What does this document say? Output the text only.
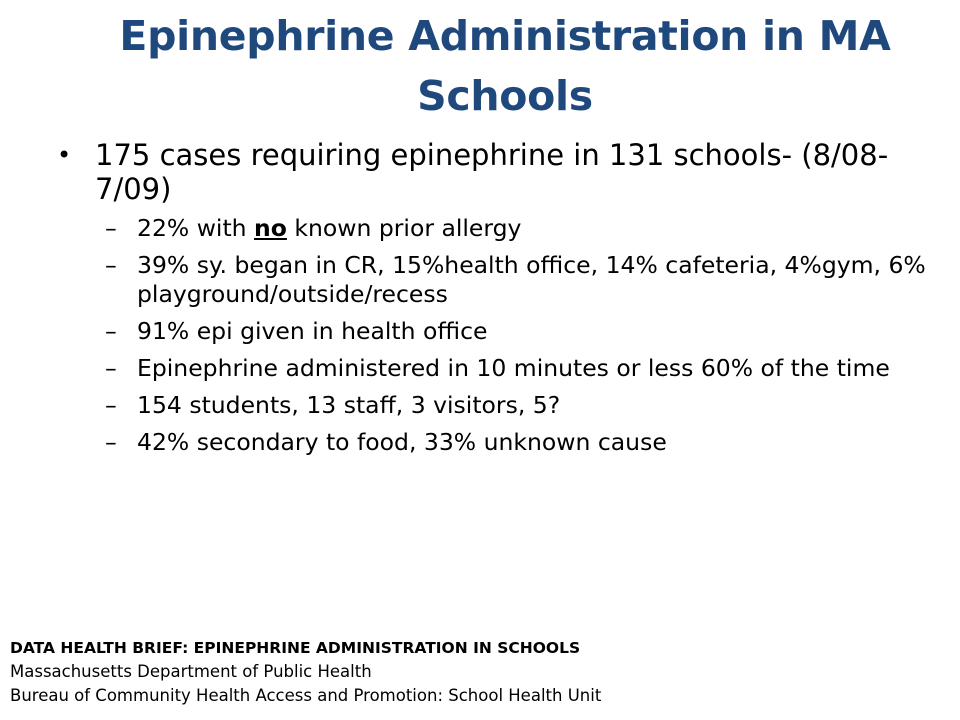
Epinephrine Administration in MA Schools
• 175 cases requiring epinephrine in 131 schools- (8/08-7/09)
– 22% with no known prior allergy
– 39% sy. began in CR, 15%health office, 14% cafeteria, 4%gym, 6% playground/outside/recess
– 91% epi given in health office
– Epinephrine administered in 10 minutes or less 60% of the time
– 154 students, 13 staff, 3 visitors, 5?
– 42% secondary to food, 33% unknown cause
DATA HEALTH BRIEF: EPINEPHRINE ADMINISTRATION IN SCHOOLS
Massachusetts Department of Public Health
Bureau of Community Health Access and Promotion: School Health Unit
